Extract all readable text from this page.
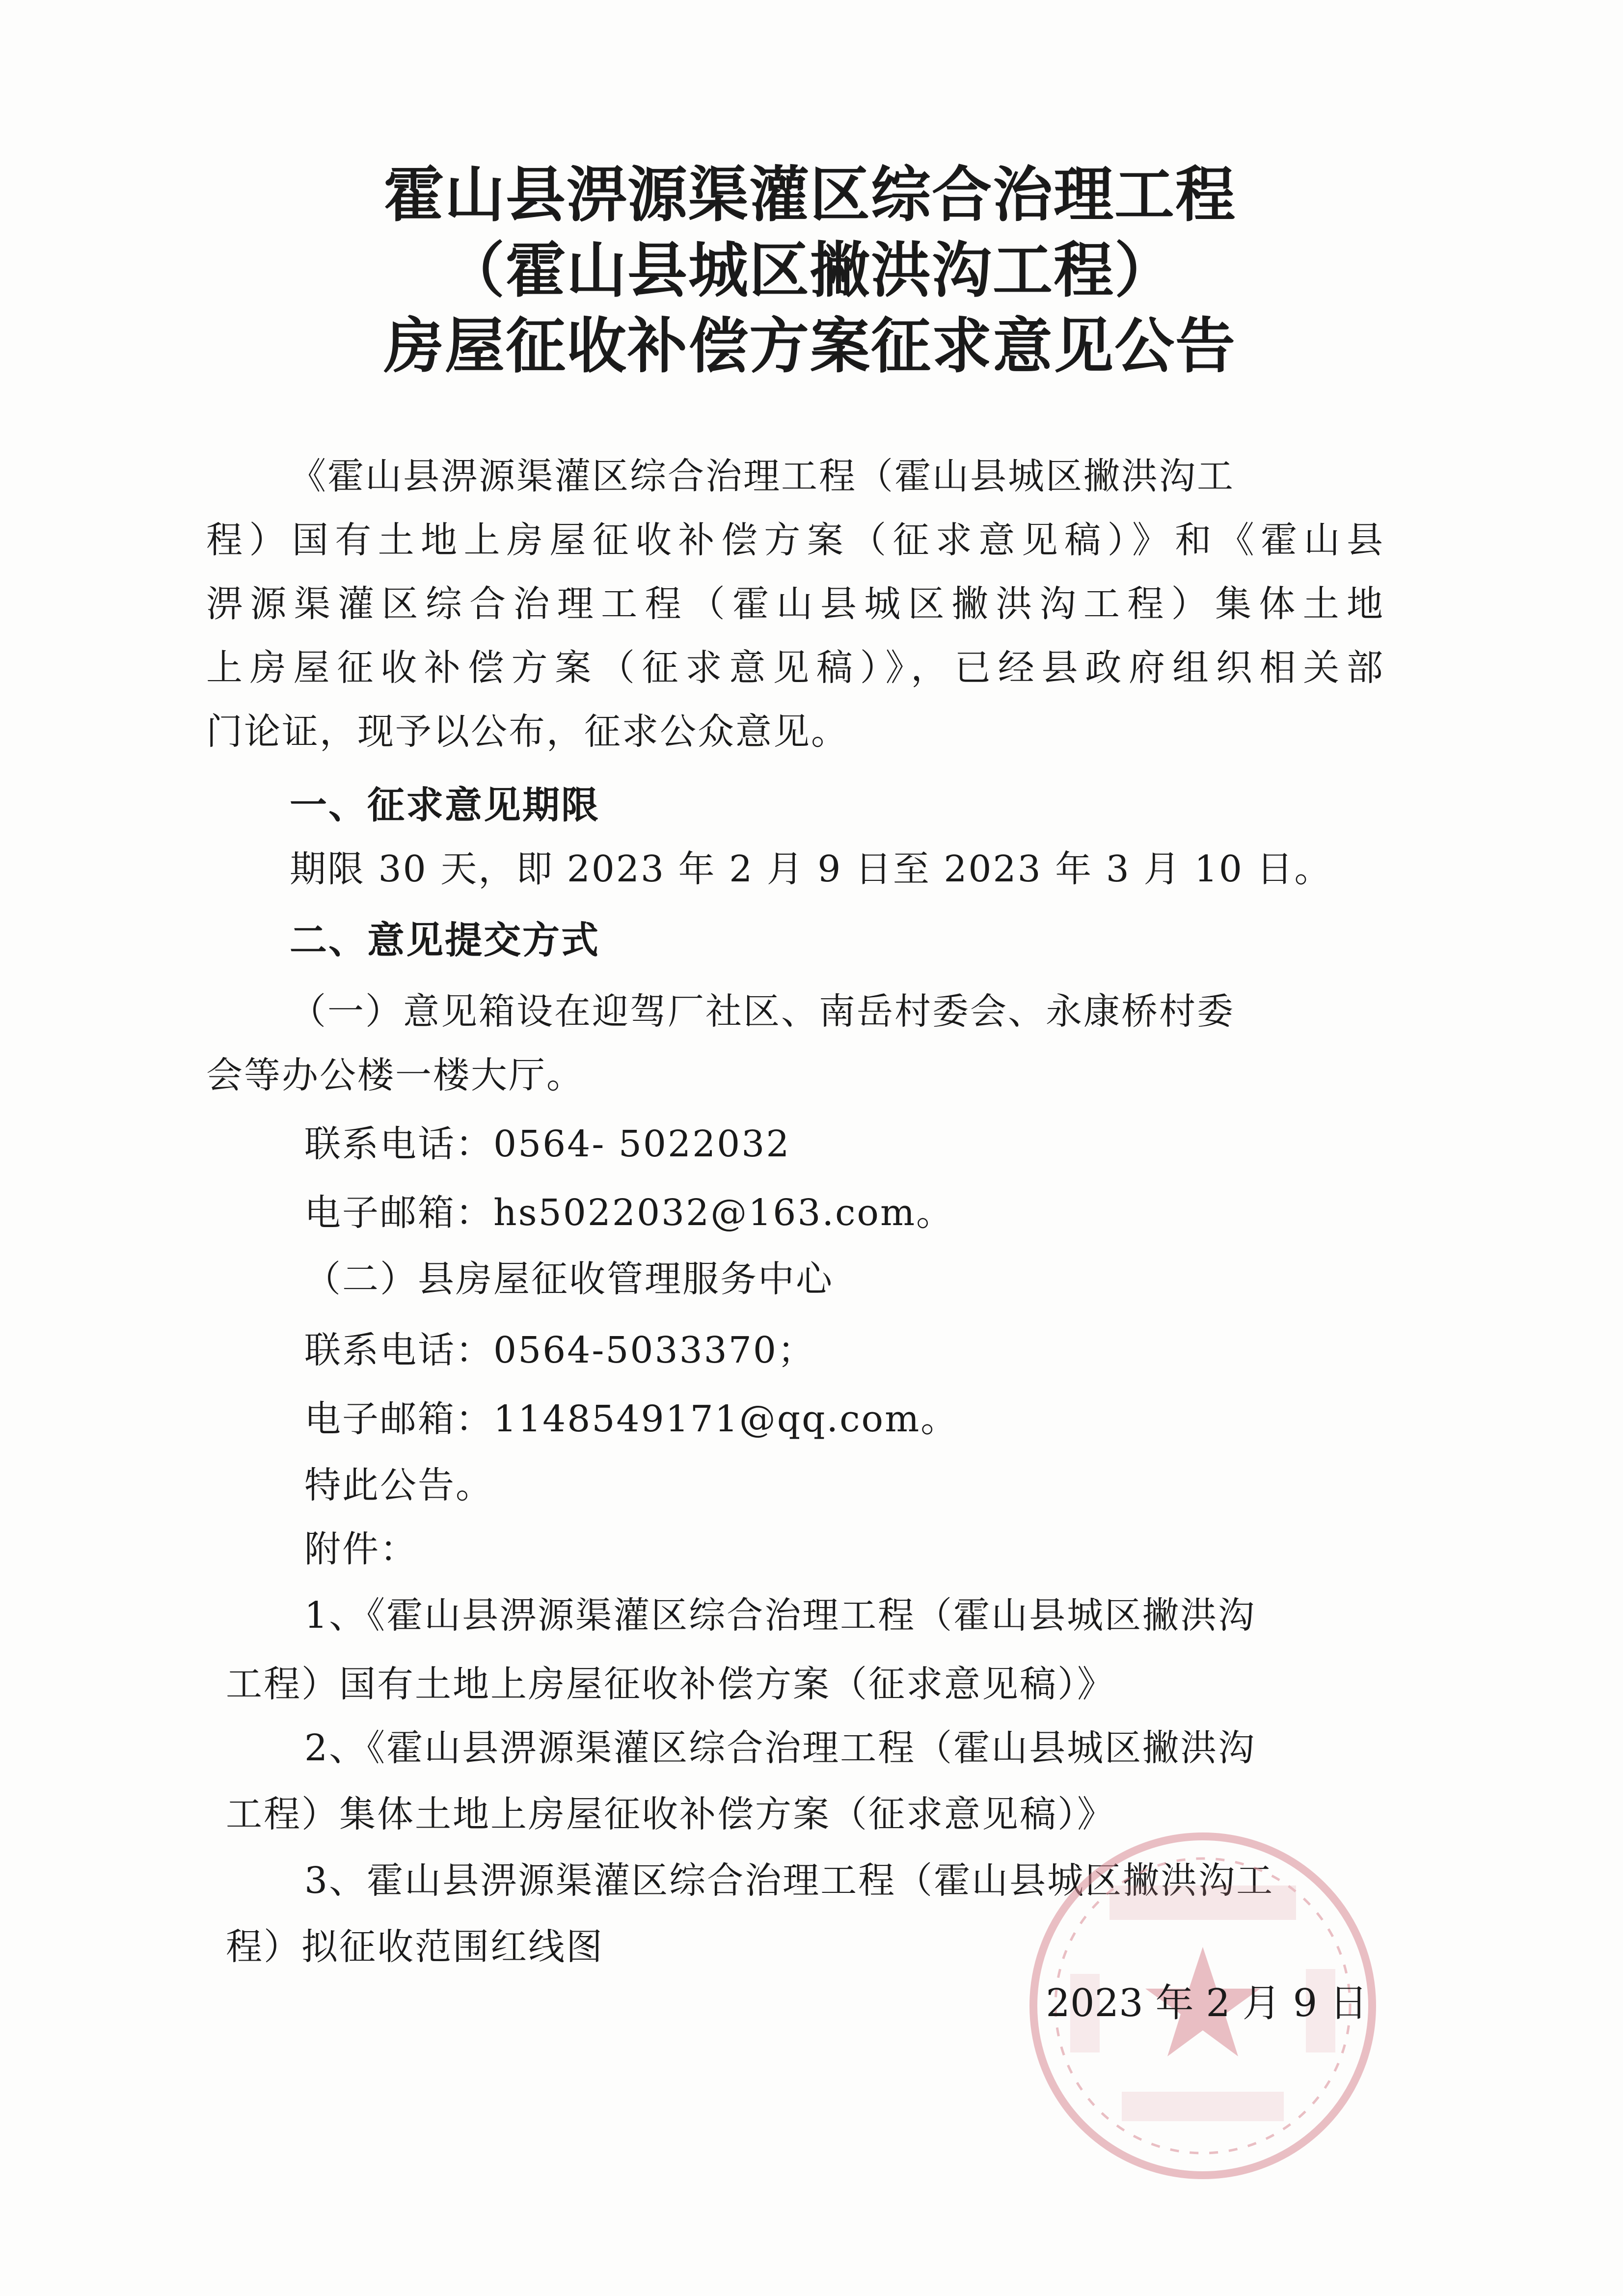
霍山县淠源渠灌区综合治理工程
（霍山县城区撇洪沟工程）
房屋征收补偿方案征求意见公告
《霍山县淠源渠灌区综合治理工程（霍山县城区撇洪沟工
程）国有土地上房屋征收补偿方案（征求意见稿）》和《霍山县
淠源渠灌区综合治理工程（霍山县城区撇洪沟工程）集体土地
上房屋征收补偿方案（征求意见稿）》，已经县政府组织相关部
门论证，现予以公布，征求公众意见。
一、征求意见期限
期限 30 天，即 2023 年 2 月 9 日至 2023 年 3 月 10 日。
二、意见提交方式
（一）意见箱设在迎驾厂社区、南岳村委会、永康桥村委
会等办公楼一楼大厅。
联系电话：0564- 5022032
电子邮箱：hs5022032@163.com。
（二）县房屋征收管理服务中心
联系电话：0564-5033370；
电子邮箱：1148549171@qq.com。
特此公告。
附件：
1、《霍山县淠源渠灌区综合治理工程（霍山县城区撇洪沟
工程）国有土地上房屋征收补偿方案（征求意见稿）》
2、《霍山县淠源渠灌区综合治理工程（霍山县城区撇洪沟
工程）集体土地上房屋征收补偿方案（征求意见稿）》
3、霍山县淠源渠灌区综合治理工程（霍山县城区撇洪沟工
程）拟征收范围红线图
2023 年 2 月 9 日
